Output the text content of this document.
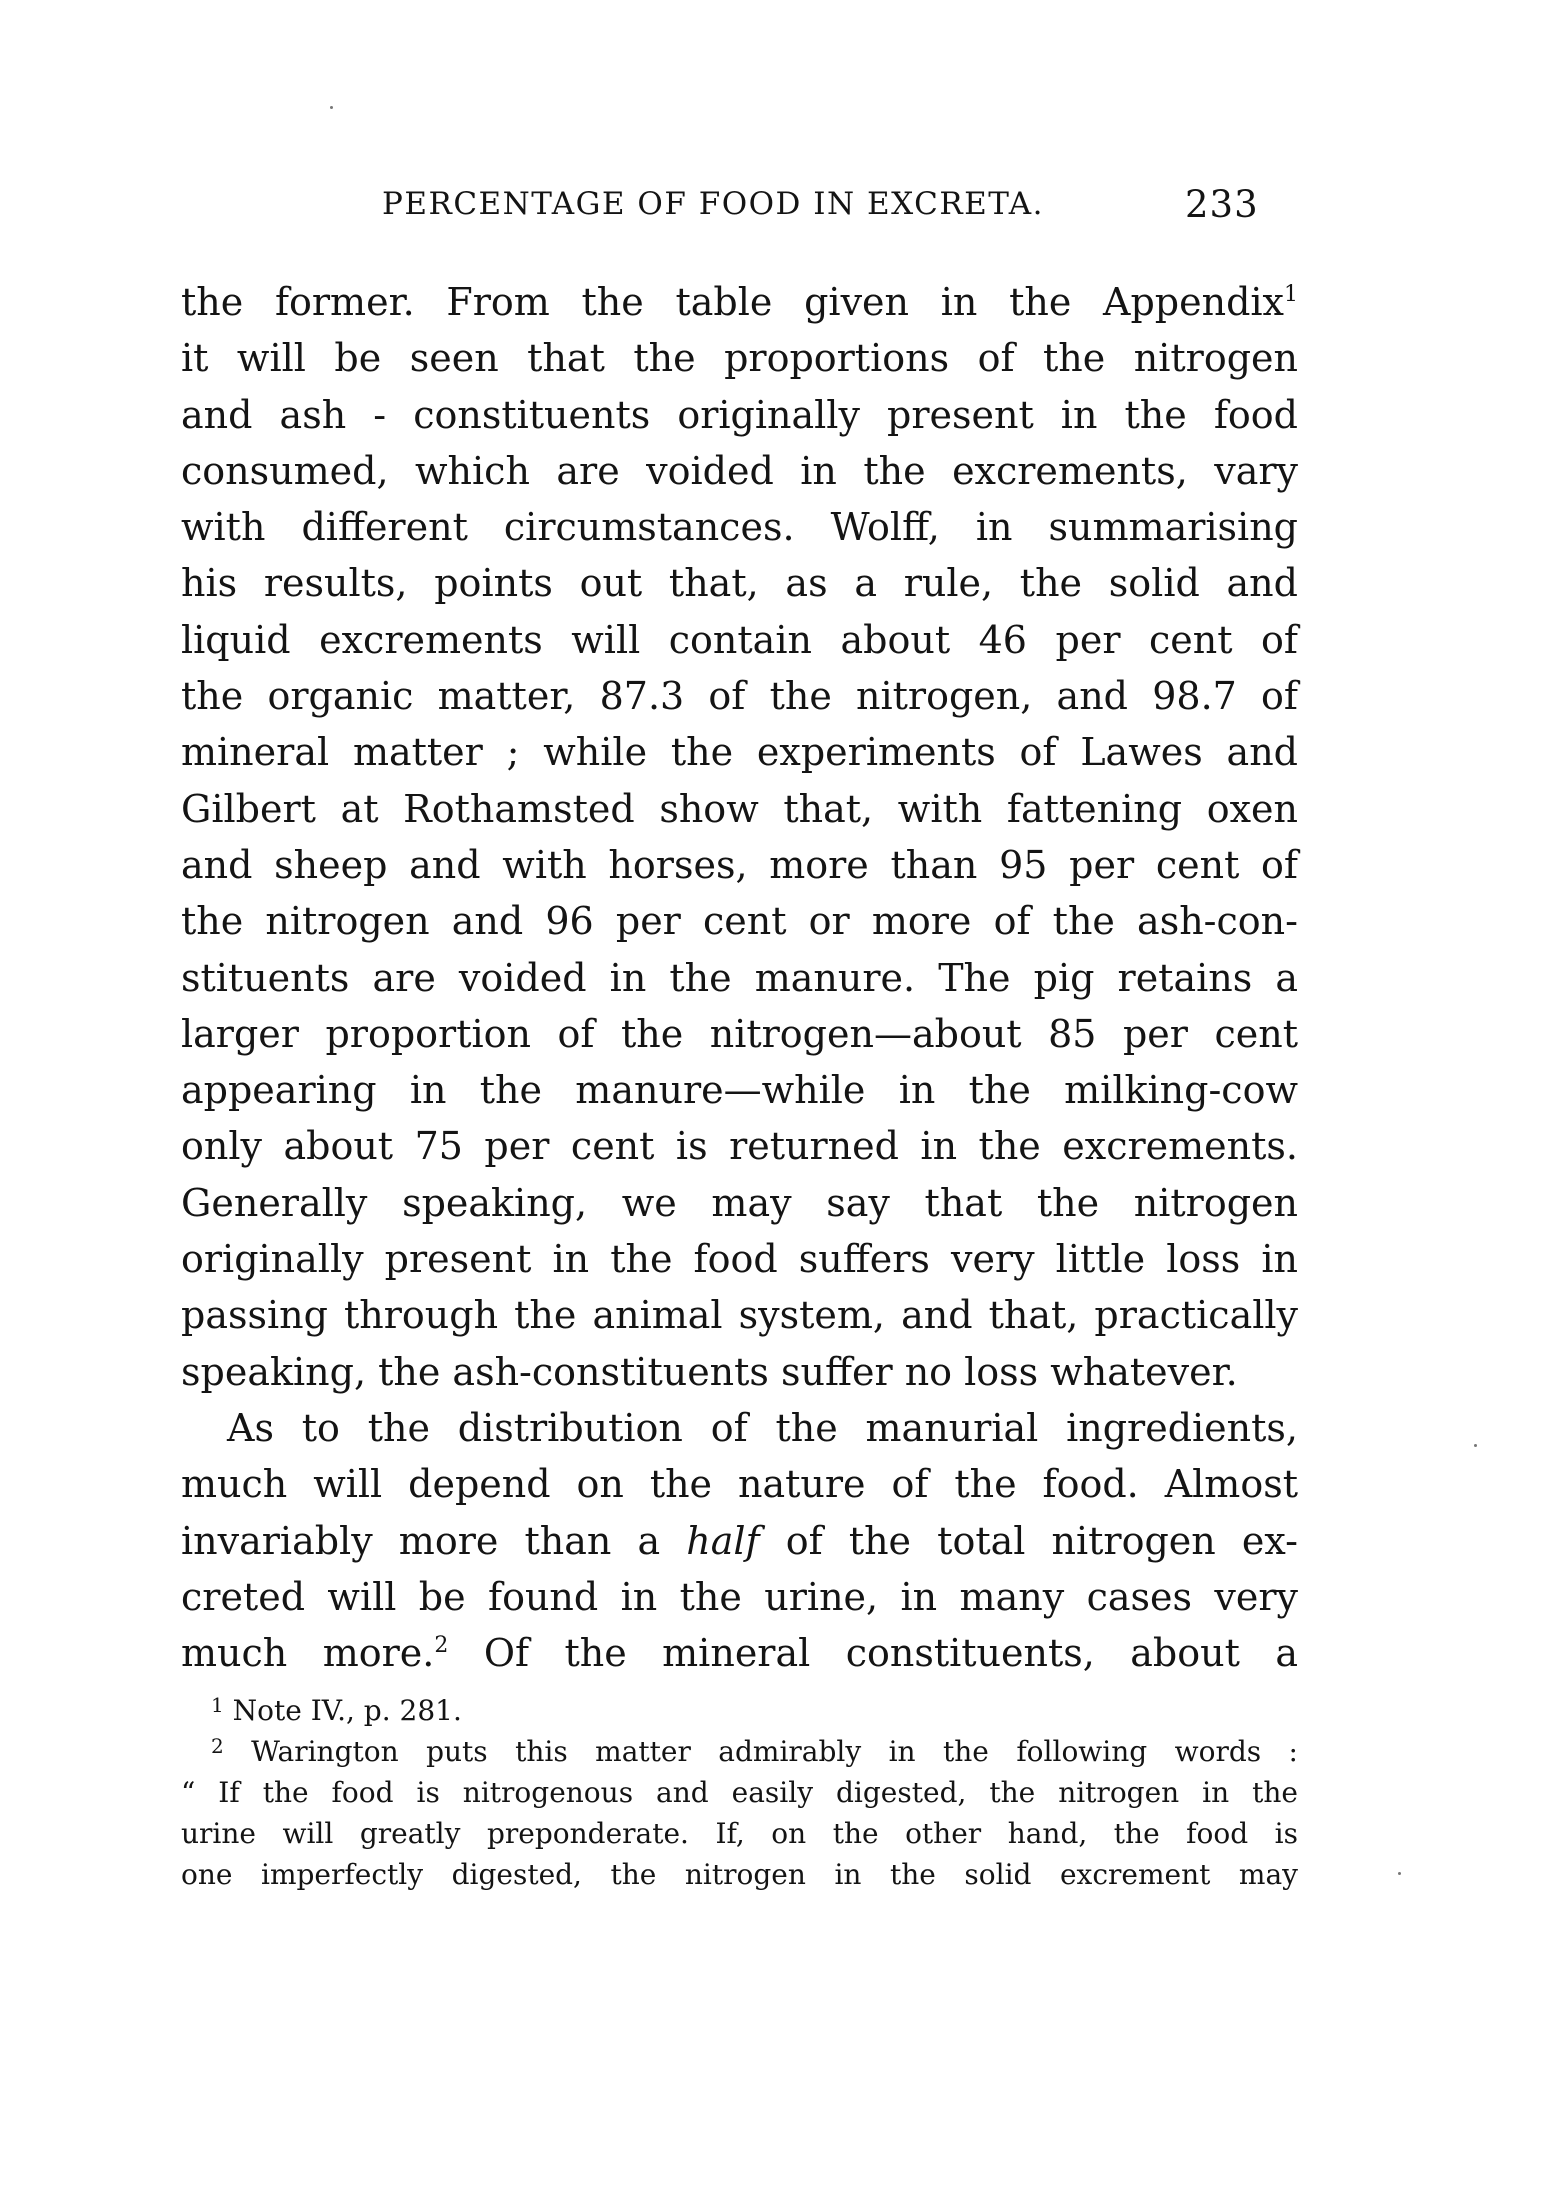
PERCENTAGE OF FOOD IN EXCRETA.	233
the former. From the table given in the Appendix$^1$
it will be seen that the proportions of the nitrogen
and ash - constituents originally present in the food
consumed, which are voided in the excrements, vary
with different circumstances. Wolff, in summarising
his results, points out that, as a rule, the solid and
liquid excrements will contain about 46 per cent of
the organic matter, 87.3 of the nitrogen, and 98.7 of
mineral matter ; while the experiments of Lawes and
Gilbert at Rothamsted show that, with fattening oxen
and sheep and with horses, more than 95 per cent of
the nitrogen and 96 per cent or more of the ash-con-
stituents are voided in the manure. The pig retains a
larger proportion of the nitrogen—about 85 per cent
appearing in the manure—while in the milking-cow
only about 75 per cent is returned in the excrements.
Generally speaking, we may say that the nitrogen
originally present in the food suffers very little loss in
passing through the animal system, and that, practically
speaking, the ash-constituents suffer no loss whatever.
As to the distribution of the manurial ingredients,
much will depend on the nature of the food. Almost
invariably more than a half of the total nitrogen ex-
creted will be found in the urine, in many cases very
much more.$^2$ Of the mineral constituents, about a
$^1$ Note IV., p. 281.
$^2$ Warington puts this matter admirably in the following words :
“ If the food is nitrogenous and easily digested, the nitrogen in the
urine will greatly preponderate. If, on the other hand, the food is
one imperfectly digested, the nitrogen in the solid excrement may
